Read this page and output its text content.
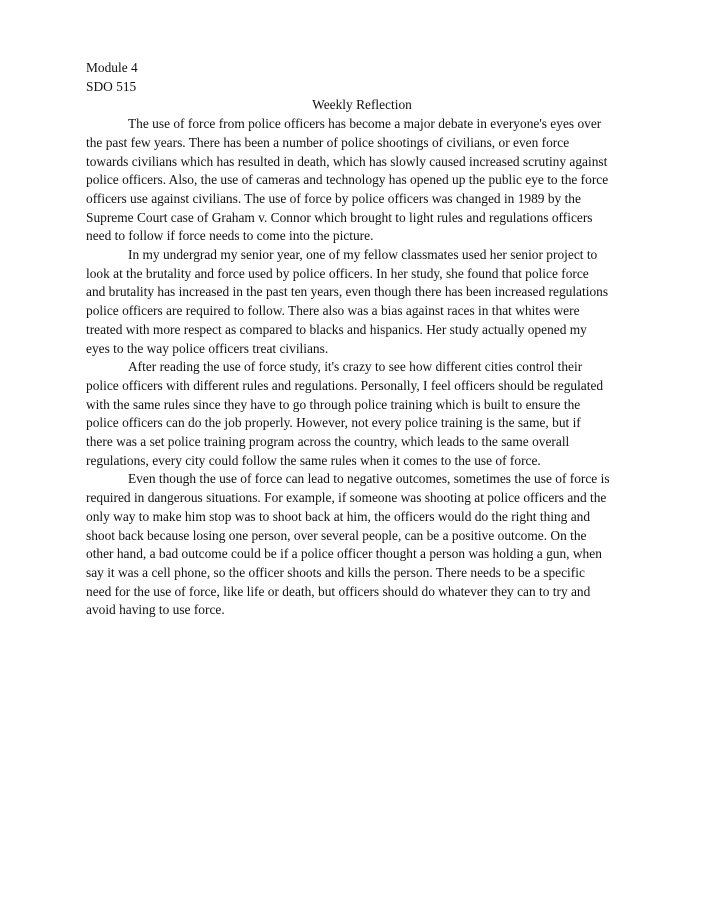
Module 4

SDO 515

Weekly Reflection

The use of force from police officers has become a major debate in everyone's eyes over
the past few years. There has been a number of police shootings of civilians, or even force
towards civilians which has resulted in death, which has slowly caused increased scrutiny against
police officers. Also, the use of cameras and technology has opened up the public eye to the force
officers use against civilians. The use of force by police officers was changed in 1989 by the
Supreme Court case of Graham v. Connor which brought to light rules and regulations officers
need to follow if force needs to come into the picture.

In my undergrad my senior year, one of my fellow classmates used her senior project to
look at the brutality and force used by police officers. In her study, she found that police force
and brutality has increased in the past ten years, even though there has been increased regulations
police officers are required to follow. There also was a bias against races in that whites were
treated with more respect as compared to blacks and hispanics. Her study actually opened my
eyes to the way police officers treat civilians.

After reading the use of force study, it's crazy to see how different cities control their
police officers with different rules and regulations. Personally, I feel officers should be regulated
with the same rules since they have to go through police training which is built to ensure the
police officers can do the job properly. However, not every police training is the same, but if
there was a set police training program across the country, which leads to the same overall
regulations, every city could follow the same rules when it comes to the use of force.

Even though the use of force can lead to negative outcomes, sometimes the use of force is
required in dangerous situations. For example, if someone was shooting at police officers and the
only way to make him stop was to shoot back at him, the officers would do the right thing and
shoot back because losing one person, over several people, can be a positive outcome. On the
other hand, a bad outcome could be if a police officer thought a person was holding a gun, when
say it was a cell phone, so the officer shoots and kills the person. There needs to be a specific
need for the use of force, like life or death, but officers should do whatever they can to try and
avoid having to use force.
